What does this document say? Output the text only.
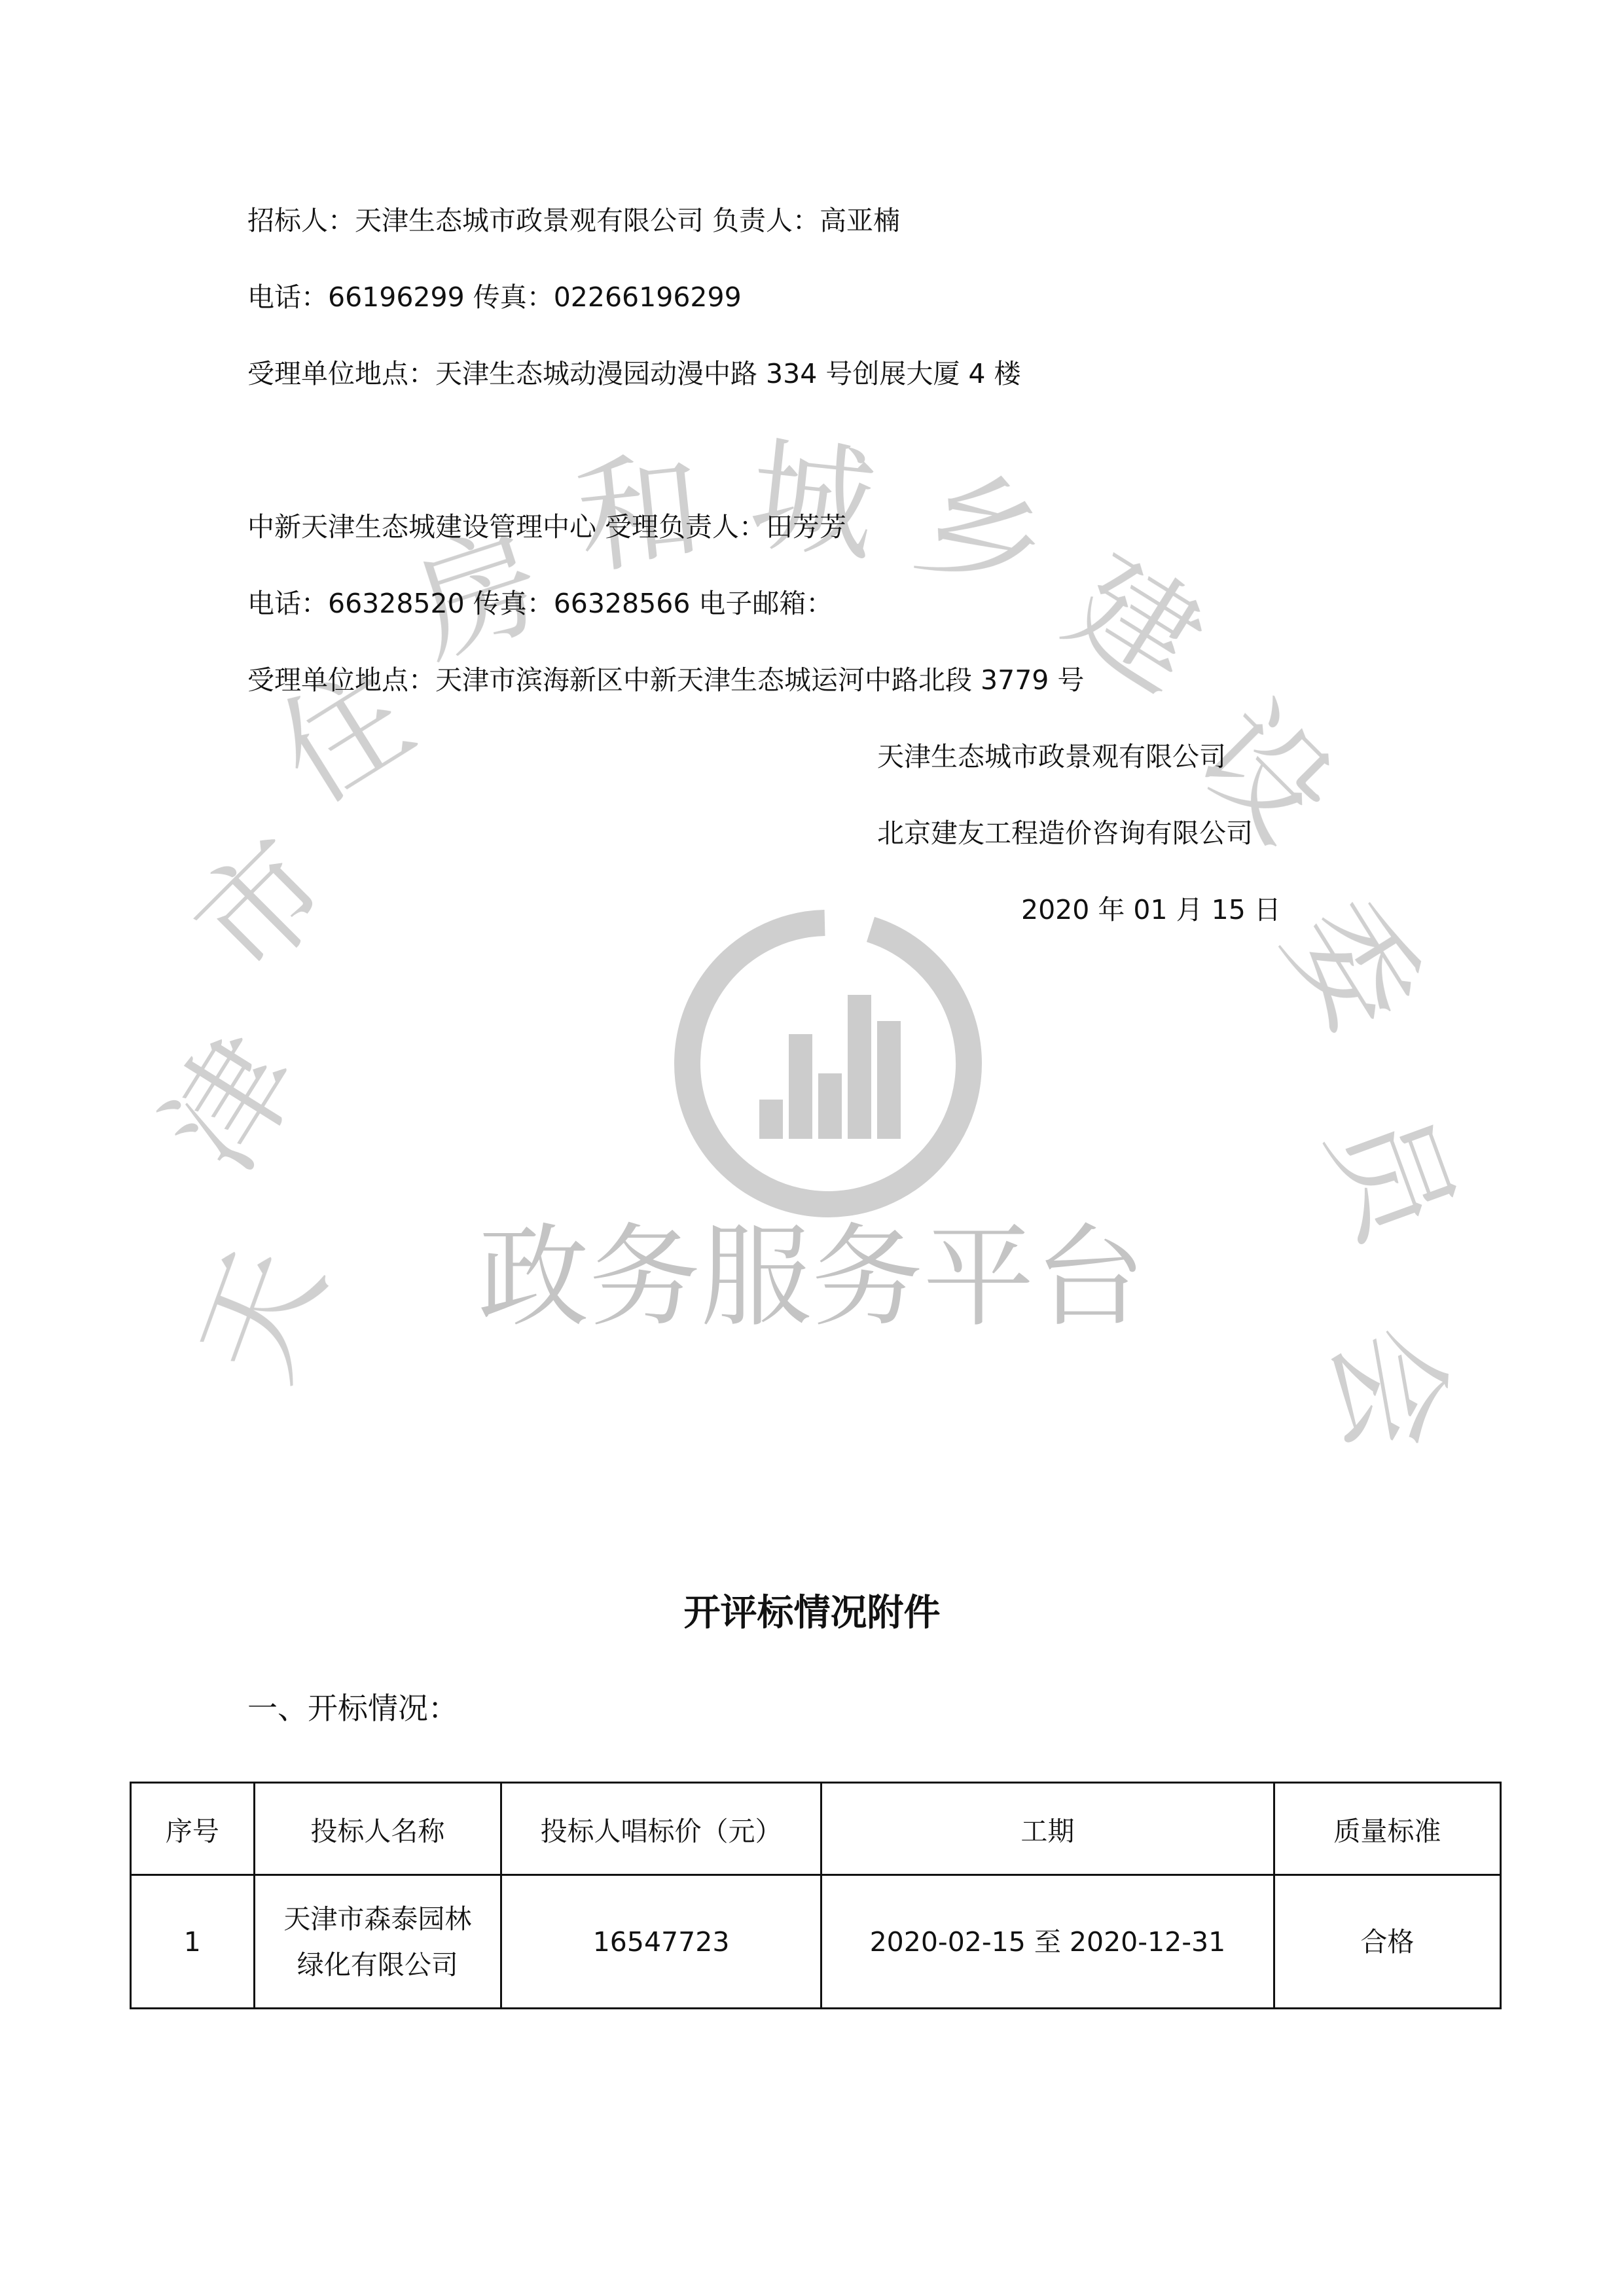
天
津
市
住
房 和 城 乡
建
设
委
员
会
政务服务平台
招标人：天津生态城市政景观有限公司 负责人：高亚楠
电话：66196299 传真：02266196299
受理单位地点：天津生态城动漫园动漫中路 334 号创展大厦 4 楼
中新天津生态城建设管理中心 受理负责人：田芳芳
电话：66328520 传真：66328566 电子邮箱：
受理单位地点：天津市滨海新区中新天津生态城运河中路北段 3779 号
天津生态城市政景观有限公司
北京建友工程造价咨询有限公司
2020 年 01 月 15 日
开评标情况附件
一、开标情况：
序号	投标人名称	投标人唱标价（元）	工期	质量标准
1	天津市森泰园林绿化有限公司	16547723	2020-02-15 至 2020-12-31	合格
